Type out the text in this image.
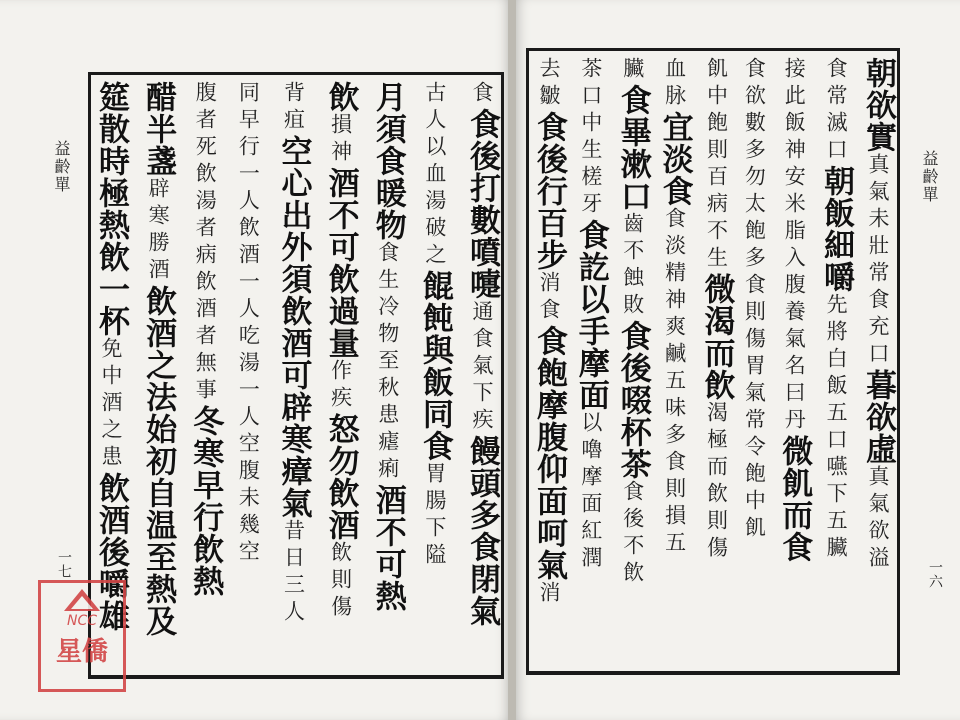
益齡單
一七
益齡單
一六
食食後打數噴嚏通食氣下疾饅頭多食閉氣
古人以血湯破之餛飩與飯同食胃腸下隘
月須食暖物食生冷物至秋患瘧痢酒不可熱
飲損神酒不可飲過量作疾怒勿飲酒飲則傷
背疽空心出外須飲酒可辟寒瘴氣昔日三人
同早行一人飲酒一人吃湯一人空腹未幾空
腹者死飲湯者病飲酒者無事冬寒早行飲熱
醋半盞辟寒勝酒飲酒之法始初自温至熱及
筵散時極熱飲一杯免中酒之患飲酒後嚼雄
朝欲實真氣未壯常食充口暮欲虛真氣欲溢
食常滅口朝飯細嚼先將白飯五口嚥下五臟
接此飯神安米脂入腹養氣名曰丹微飢而食
食欲數多勿太飽多食則傷胃氣常令飽中飢
飢中飽則百病不生微渴而飲渴極而飲則傷
血脉宜淡食食淡精神爽鹹五味多食則損五
臟食畢漱口齒不蝕敗食後啜杯茶食後不飲
茶口中生槎牙食訖以手摩面以嚕摩面紅潤
去皺食後行百步消食食飽摩腹仰面呵氣消
NCC
星僑
